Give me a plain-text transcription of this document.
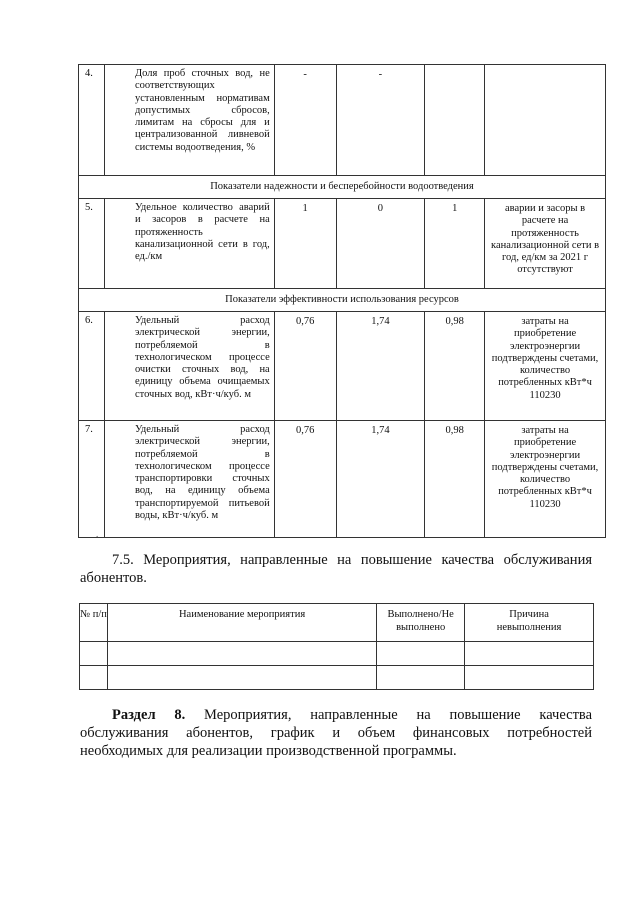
4.	Доля проб сточных вод, не соответствующих установленным нормативам допустимых сбросов, лимитам на сбросы для и централизованной ливневой системы водоотведения, %	-	-		
Показатели надежности и бесперебойности водоотведения					
5.	Удельное количество аварий и засоров в расчете на протяженность канализационной сети в год, ед./км	1	0	1	аварии и засоры в расчете на протяженность канализационной сети в год, ед/км за 2021 г отсутствуют
Показатели эффективности использования ресурсов					
6.	Удельный расход электрической энергии, потребляемой в технологическом процессе очистки сточных вод, на единицу объема очищаемых сточных вод, кВт·ч/куб. м	0,76	1,74	0,98	затраты на приобретение электроэнергии подтверждены счетами, количество потребленных кВт*ч 110230
7.	Удельный расход электрической энергии, потребляемой в технологическом процессе транспортировки сточных вод, на единицу объема транспортируемой питьевой воды, кВт·ч/куб. м	0,76	1,74	0,98	затраты на приобретение электроэнергии подтверждены счетами, количество потребленных кВт*ч 110230
.

7.5. Мероприятия, направленные на повышение качества обслуживания абонентов.

№ п/п	Наименование мероприятия	Выполнено/Не выполнено	Причина невыполнения

Раздел 8. Мероприятия, направленные на повышение качества обслуживания абонентов, график и объем финансовых потребностей необходимых для реализации производственной программы.
